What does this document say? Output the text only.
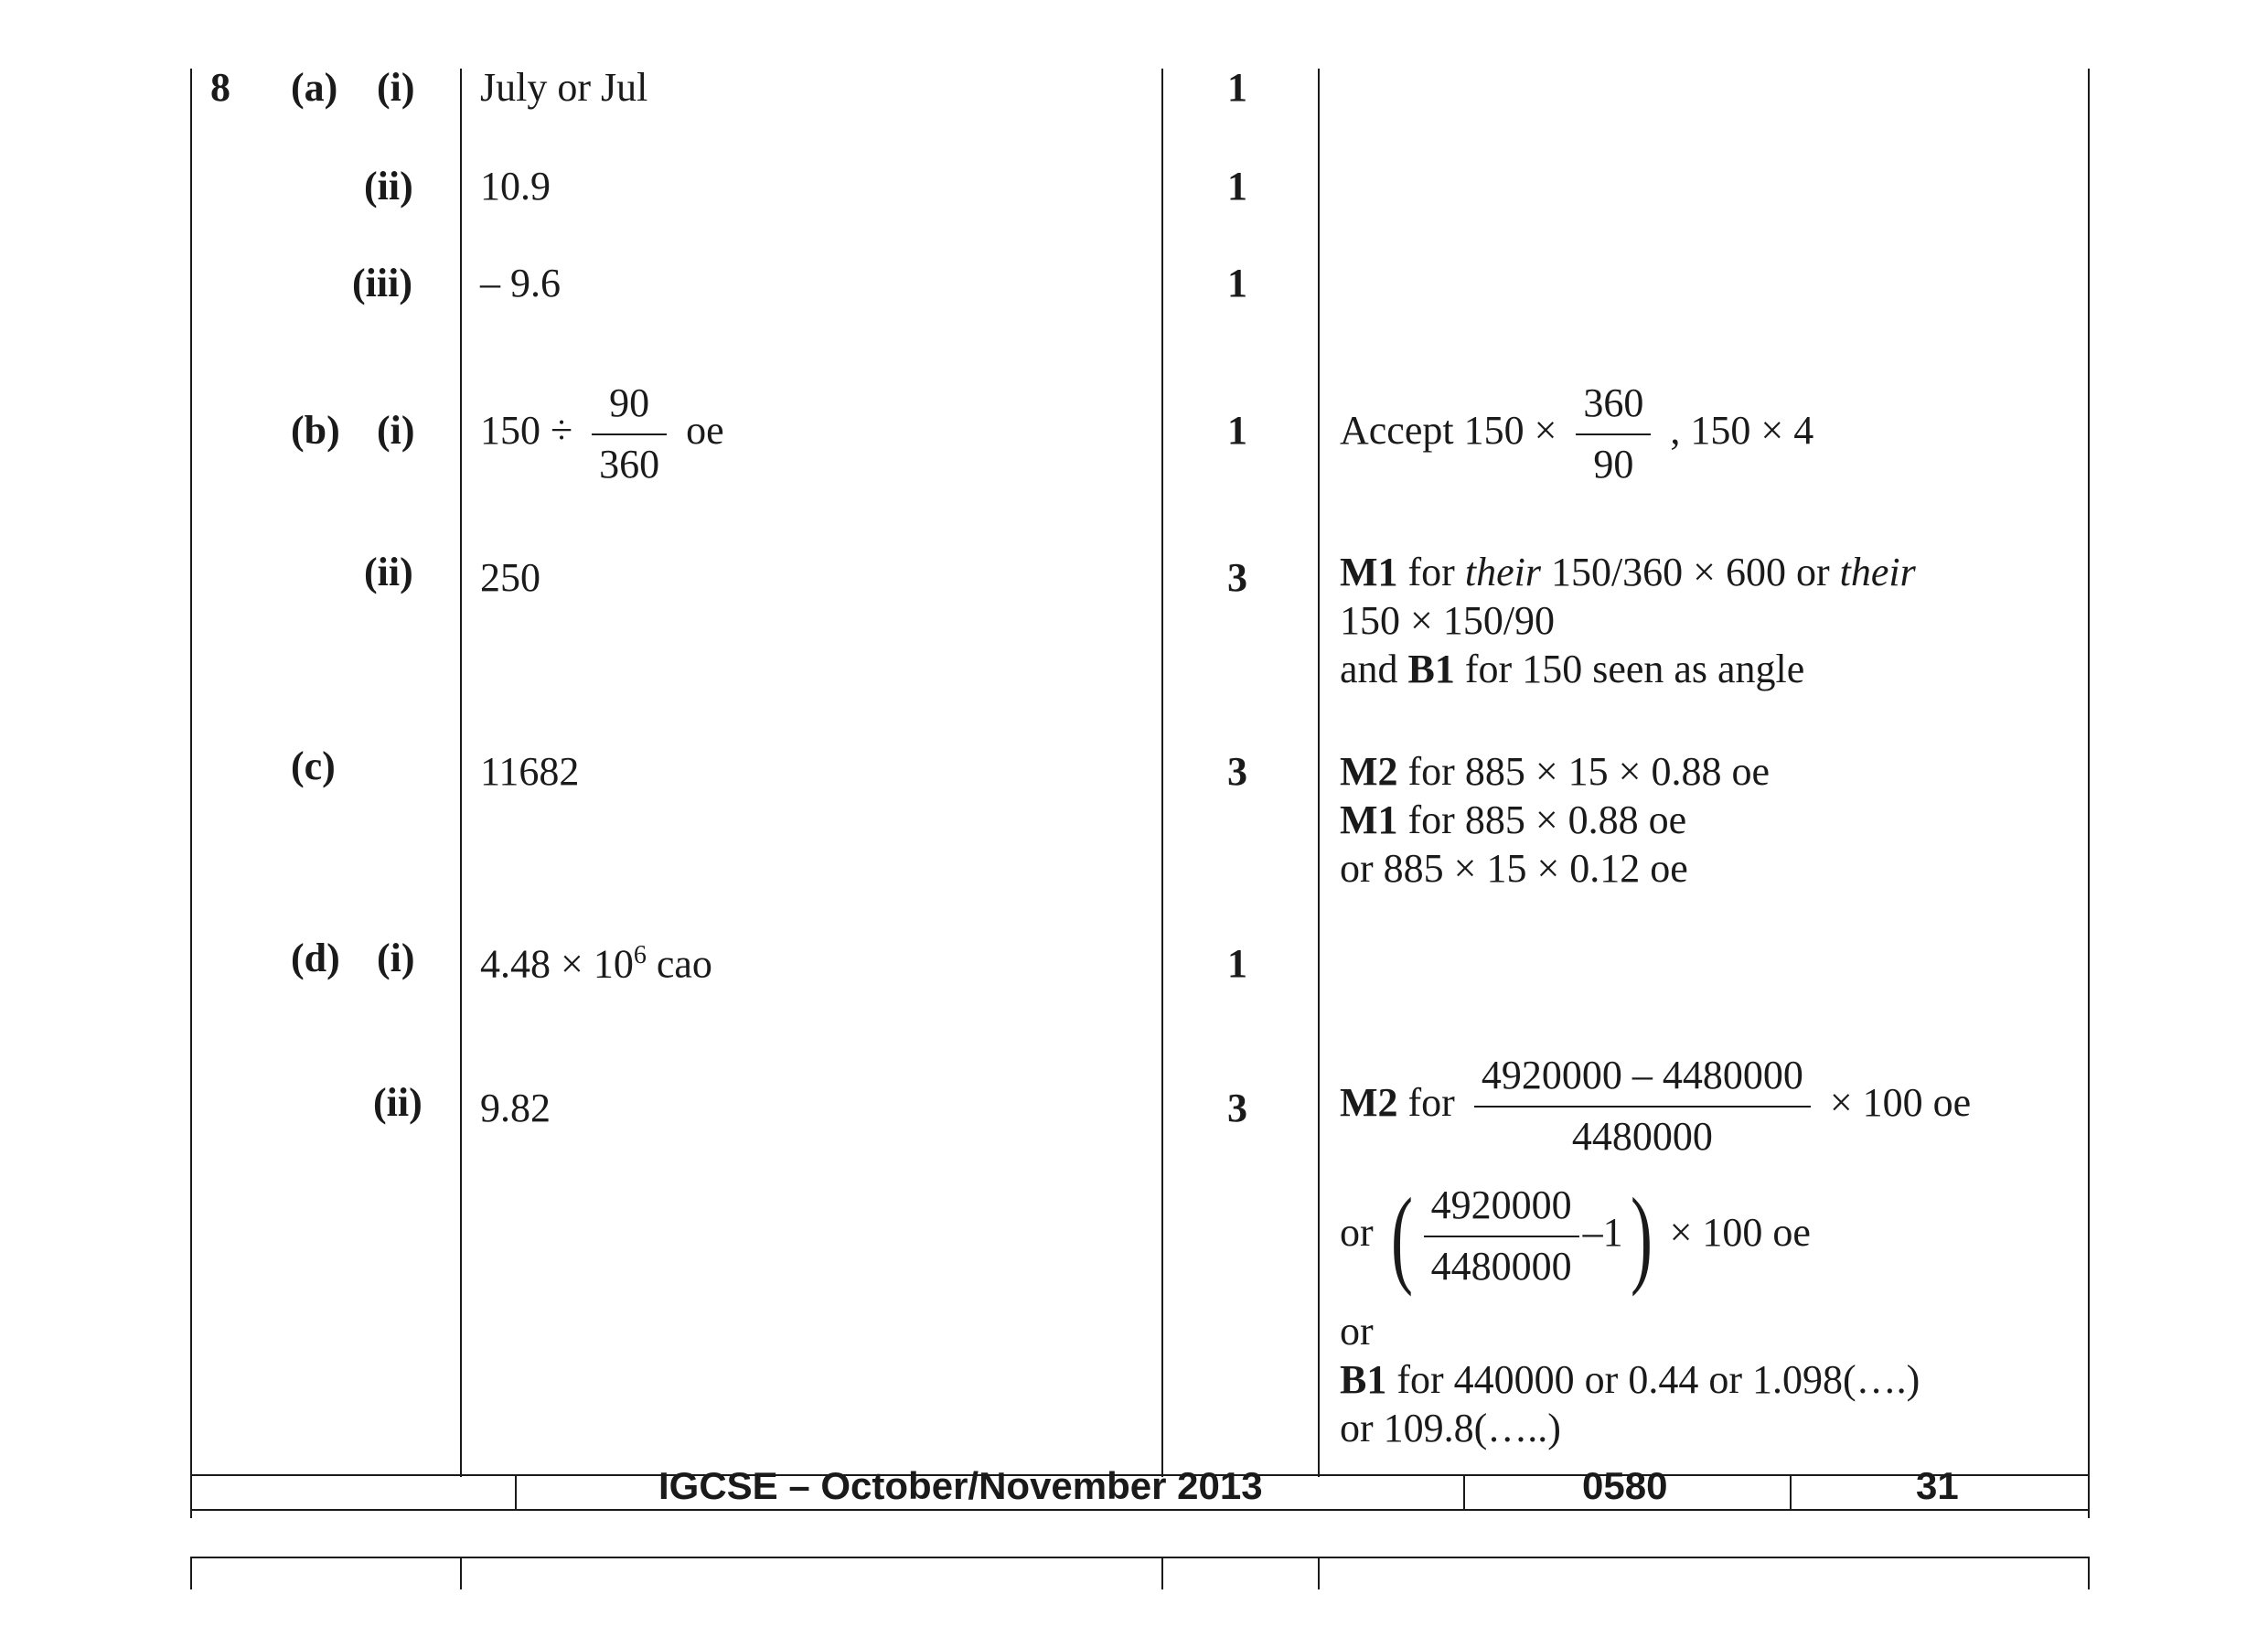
IGCSE – October/November 2013	0580	31
8 (a) (i) July or Jul	1
(ii) 10.9	1
(iii) – 9.6	1
(b) (i) $150 \div \frac{90}{360}$ oe	1 Accept $150 \times \frac{360}{90}$ , 150 × 4
(ii) 250	3 M1 for their 150/360 × 600 or their
150 × 150/90
and B1 for 150 seen as angle
(c)	11682	3 M2 for 885 × 15 × 0.88 oe
M1 for 885 × 0.88 oe
or 885 × 15 × 0.12 oe
(d) (i) $4.48 \times 10^6$ cao	1
(ii) 9.82	3 M2 for $\frac{4920000 - 4480000}{4480000} \times 100$ oe
or ( $\frac{4920000}{4480000} -1) \times 100$ oe
or
B1 for 440000 or 0.44 or 1.098(….)
or 109.8(…..)
